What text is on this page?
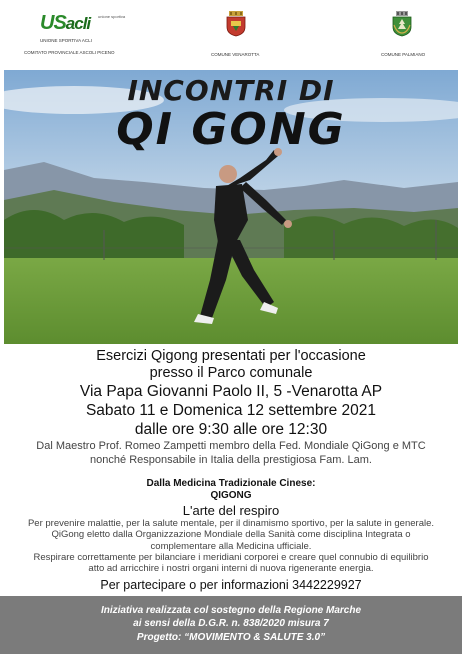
USacli unione sportiva
UNIONE SPORTIVA ACLI
COMITATO PROVINCIALE ASCOLI PICENO	COMUNE VENAROTTA	COMUNE PALMIANO
INCONTRI DI
QI GONG
Esercizi Qigong presentati per l'occasione
presso il Parco comunale
Via Papa Giovanni Paolo II, 5 -Venarotta AP
Sabato 11 e Domenica 12 settembre 2021
dalle ore 9:30 alle ore 12:30
Dal Maestro Prof. Romeo Zampetti membro della Fed. Mondiale QiGong e MTC
nonché Responsabile in Italia della prestigiosa Fam. Lam.
Dalla Medicina Tradizionale Cinese:
QIGONG
L'arte del respiro
Per prevenire malattie, per la salute mentale, per il dinamismo sportivo, per la salute in generale.
QiGong eletto dalla Organizzazione Mondiale della Sanità come disciplina Integrata o
complementare alla Medicina ufficiale.
Respirare correttamente per bilanciare i meridiani corporei e creare quel connubio di equilibrio
atto ad arricchire i nostri organi interni di nuova rigenerante energia.
Per partecipare o per informazioni 3442229927
Iniziativa realizzata col sostegno della Regione Marche
ai sensi della D.G.R. n. 838/2020 misura 7
Progetto: “MOVIMENTO & SALUTE 3.0”
